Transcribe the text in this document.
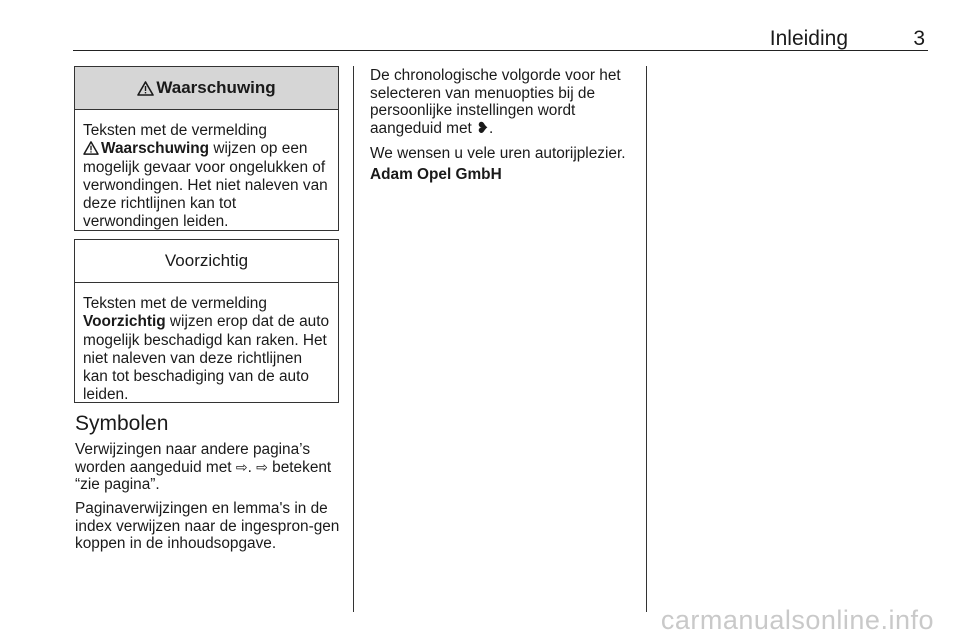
Inleiding	3
Waarschuwing
Teksten met de vermelding
Waarschuwing wijzen op een mogelijk gevaar voor ongelukken of verwondingen. Het niet naleven van deze richtlijnen kan tot verwondingen leiden.
Voorzichtig
Teksten met de vermelding
Voorzichtig wijzen erop dat de auto mogelijk beschadigd kan raken. Het niet naleven van deze richtlijnen kan tot beschadiging van de auto leiden.
Symbolen
Verwijzingen naar andere pagina’s worden aangeduid met ⇨. ⇨ betekent “zie pagina”.
Paginaverwijzingen en lemma's in de index verwijzen naar de ingespron-gen koppen in de inhoudsopgave.
De chronologische volgorde voor het selecteren van menuopties bij de persoonlijke instellingen wordt aangeduid met ❥.
We wensen u vele uren autorijplezier.
Adam Opel GmbH
carmanualsonline.info
